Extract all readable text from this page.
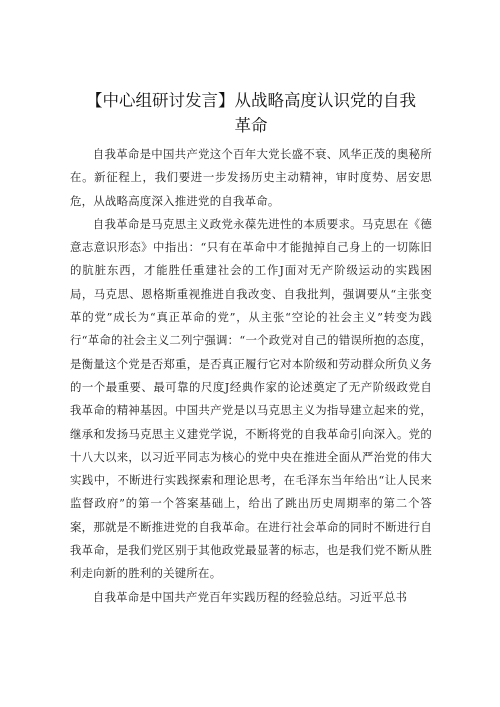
【中心组研讨发言】从战略高度认识党的自我
革命

自我革命是中国共产党这个百年大党长盛不衰、风华正茂的奥秘所在。新征程上，我们要进一步发扬历史主动精神，审时度势、居安思危，从战略高度深入推进党的自我革命。

自我革命是马克思主义政党永葆先进性的本质要求。马克思在《德意志意识形态》中指出：“只有在革命中才能抛掉自己身上的一切陈旧的肮脏东西，才能胜任重建社会的工作J面对无产阶级运动的实践困局，马克思、恩格斯重视推进自我改变、自我批判，强调要从“主张变革的党”成长为“真正革命的党”，从主张“空论的社会主义”转变为践行“革命的社会主义二列宁强调：“一个政党对自己的错误所抱的态度，是衡量这个党是否郑重，是否真正履行它对本阶级和劳动群众所负义务的一个最重要、最可靠的尺度J经典作家的论述奠定了无产阶级政党自我革命的精神基因。中国共产党是以马克思主义为指导建立起来的党，继承和发扬马克思主义建党学说，不断将党的自我革命引向深入。党的十八大以来，以习近平同志为核心的党中央在推进全面从严治党的伟大实践中，不断进行实践探索和理论思考，在毛泽东当年给出“让人民来监督政府”的第一个答案基础上，给出了跳出历史周期率的第二个答案，那就是不断推进党的自我革命。在进行社会革命的同时不断进行自我革命，是我们党区别于其他政党最显著的标志，也是我们党不断从胜利走向新的胜利的关键所在。

自我革命是中国共产党百年实践历程的经验总结。习近平总书
